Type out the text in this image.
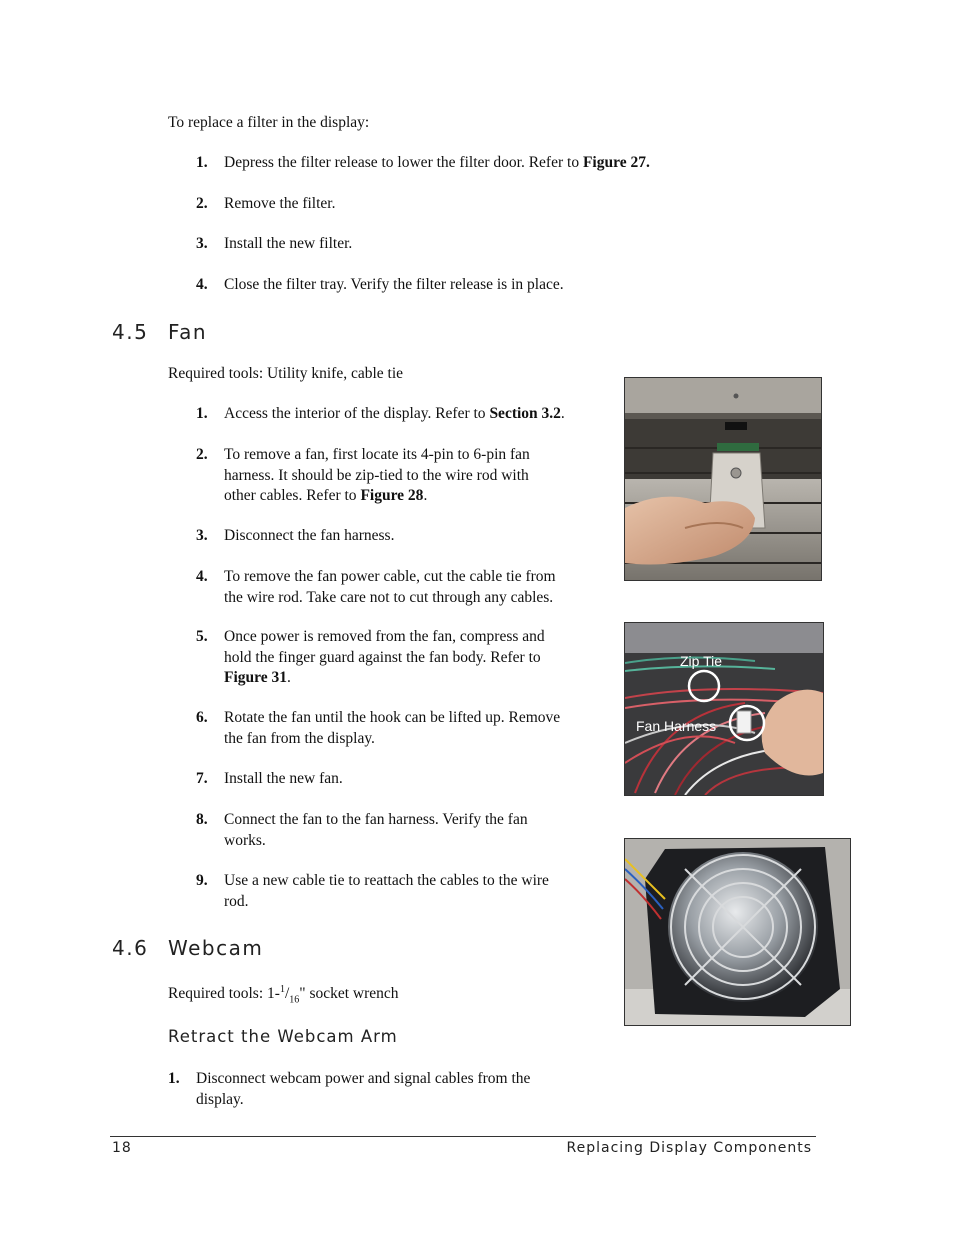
To replace a filter in the display:
1. Depress the filter release to lower the filter door. Refer to Figure 27.
2. Remove the filter.
3. Install the new filter.
4. Close the filter tray. Verify the filter release is in place.
4.5 Fan
Required tools: Utility knife, cable tie
1. Access the interior of the display. Refer to Section 3.2.
2. To remove a fan, first locate its 4-pin to 6-pin fan
harness. It should be zip-tied to the wire rod with
other cables. Refer to Figure 28.
3. Disconnect the fan harness.
4. To remove the fan power cable, cut the cable tie from
the wire rod. Take care not to cut through any cables.
5. Once power is removed from the fan, compress and
hold the finger guard against the fan body. Refer to
Figure 31.
6. Rotate the fan until the hook can be lifted up. Remove
the fan from the display.
7. Install the new fan.
8. Connect the fan to the fan harness. Verify the fan
works.
9. Use a new cable tie to reattach the cables to the wire
rod.
4.6 Webcam
Required tools: $1-^1/_{16}$" socket wrench
Retract the Webcam Arm
1. Disconnect webcam power and signal cables from the
display.
Zip Tie
Fan Harness
18	Replacing Display Components
